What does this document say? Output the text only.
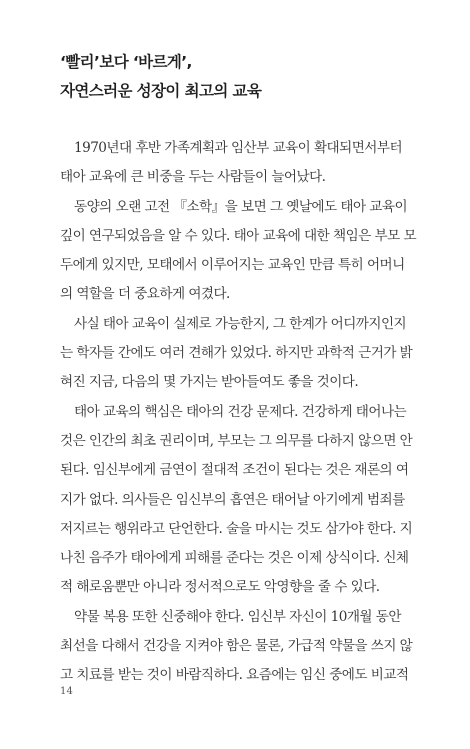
‘빨리’보다 ‘바르게’,
자연스러운 성장이 최고의 교육
1970년대 후반 가족계획과 임산부 교육이 확대되면서부터
태아 교육에 큰 비중을 두는 사람들이 늘어났다.
동양의 오랜 고전 『소학』을 보면 그 옛날에도 태아 교육이
깊이 연구되었음을 알 수 있다. 태아 교육에 대한 책임은 부모 모
두에게 있지만, 모태에서 이루어지는 교육인 만큼 특히 어머니
의 역할을 더 중요하게 여겼다.
사실 태아 교육이 실제로 가능한지, 그 한계가 어디까지인지
는 학자들 간에도 여러 견해가 있었다. 하지만 과학적 근거가 밝
혀진 지금, 다음의 몇 가지는 받아들여도 좋을 것이다.
태아 교육의 핵심은 태아의 건강 문제다. 건강하게 태어나는
것은 인간의 최초 권리이며, 부모는 그 의무를 다하지 않으면 안
된다. 임신부에게 금연이 절대적 조건이 된다는 것은 재론의 여
지가 없다. 의사들은 임신부의 흡연은 태어날 아기에게 범죄를
저지르는 행위라고 단언한다. 술을 마시는 것도 삼가야 한다. 지
나친 음주가 태아에게 피해를 준다는 것은 이제 상식이다. 신체
적 해로움뿐만 아니라 정서적으로도 악영향을 줄 수 있다.
약물 복용 또한 신중해야 한다. 임신부 자신이 10개월 동안
최선을 다해서 건강을 지켜야 함은 물론, 가급적 약물을 쓰지 않
고 치료를 받는 것이 바람직하다. 요즘에는 임신 중에도 비교적
14
